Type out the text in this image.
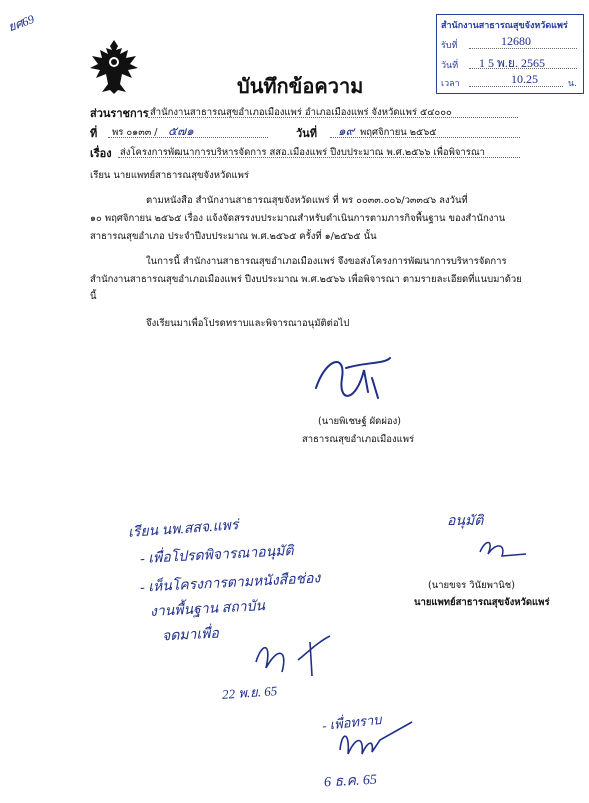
ยศ69
บันทึกข้อความ
สำนักงานสาธารณสุขจังหวัดแพร่
รับที่	12680
วันที่ 1 5 พ.ย. 2565
เวลา	10.25	น.
ส่วนราชการ สำนักงานสาธารณสุขอำเภอเมืองแพร่ อำเภอเมืองแพร่ จังหวัดแพร่ ๕๔๐๐๐
ที่ พร ๐๑๓๓ / ๕๗๑	วันที่ ๑๙ พฤศจิกายน ๒๕๖๕
เรื่อง ส่งโครงการพัฒนาการบริหารจัดการ สสอ.เมืองแพร่ ปีงบประมาณ พ.ศ.๒๕๖๖ เพื่อพิจารณา
เรียน นายแพทย์สาธารณสุขจังหวัดแพร่
ตามหนังสือ สำนักงานสาธารณสุขจังหวัดแพร่ ที่ พร ๐๐๓๓.๐๐๖/ว๓๓๔๖ ลงวันที่
๑๐ พฤศจิกายน ๒๕๖๕ เรื่อง แจ้งจัดสรรงบประมาณสำหรับดำเนินการตามภารกิจพื้นฐาน ของสำนักงาน
สาธารณสุขอำเภอ ประจำปีงบประมาณ พ.ศ.๒๕๖๕ ครั้งที่ ๑/๒๕๖๕ นั้น
ในการนี้ สำนักงานสาธารณสุขอำเภอเมืองแพร่ จึงขอส่งโครงการพัฒนาการบริหารจัดการ
สำนักงานสาธารณสุขอำเภอเมืองแพร่ ปีงบประมาณ พ.ศ.๒๕๖๖ เพื่อพิจารณา ตามรายละเอียดที่แนบมาด้วย
นี้
จึงเรียนมาเพื่อโปรดทราบและพิจารณาอนุมัติต่อไป
(นายพิเชษฐ์ ผัดผ่อง)
สาธารณสุขอำเภอเมืองแพร่
อนุมัติ
(นายขจร วินัยพานิช)
นายแพทย์สาธารณสุขจังหวัดแพร่
เรียน นพ.สสจ.แพร่
- เพื่อโปรดพิจารณาอนุมัติ
- เห็นโครงการตามหนังสือช่อง
งานพื้นฐาน สถาบัน
จดมาเพื่อ
22 พ.ย. 65
- เพื่อทราบ
6 ธ.ค. 65
